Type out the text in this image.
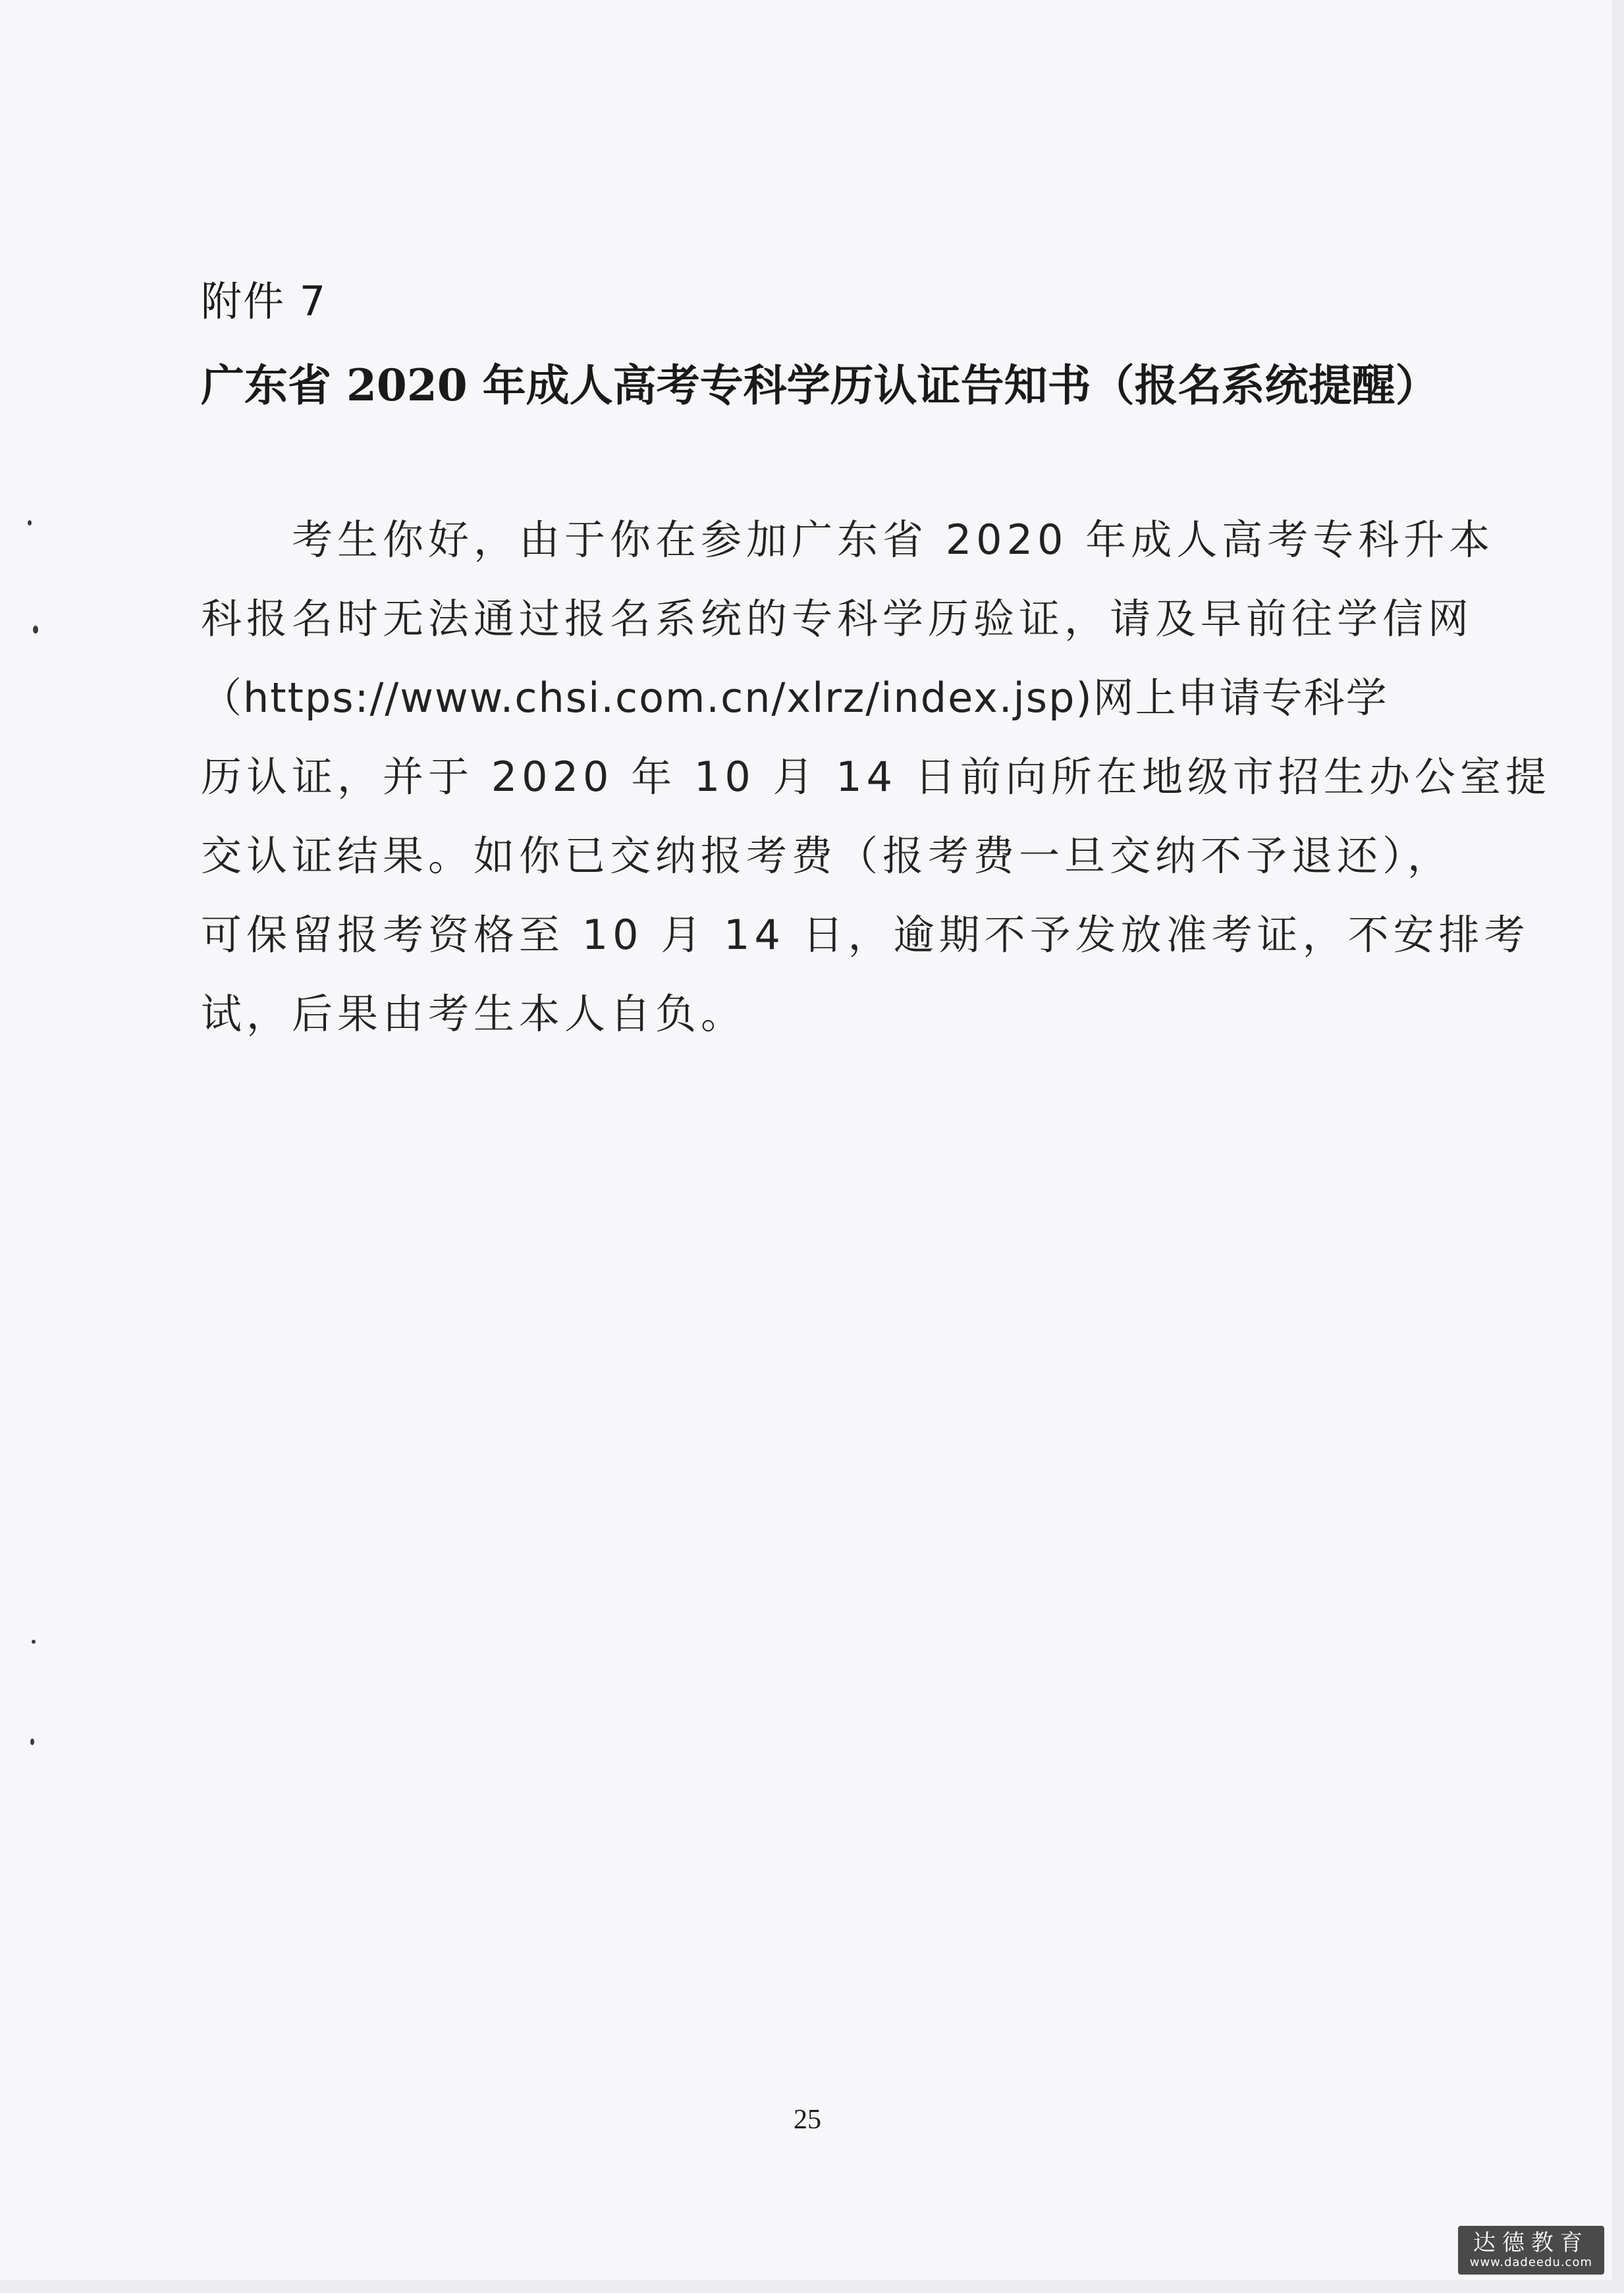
附件 7
广东省 2020 年成人高考专科学历认证告知书（报名系统提醒）
　　考生你好，由于你在参加广东省 2020 年成人高考专科升本
科报名时无法通过报名系统的专科学历验证，请及早前往学信网
（https://www.chsi.com.cn/xlrz/index.jsp)网上申请专科学
历认证，并于 2020 年 10 月 14 日前向所在地级市招生办公室提
交认证结果。如你已交纳报考费（报考费一旦交纳不予退还），
可保留报考资格至 10 月 14 日，逾期不予发放准考证，不安排考
试，后果由考生本人自负。
25
达德教育
www.dadeedu.com
